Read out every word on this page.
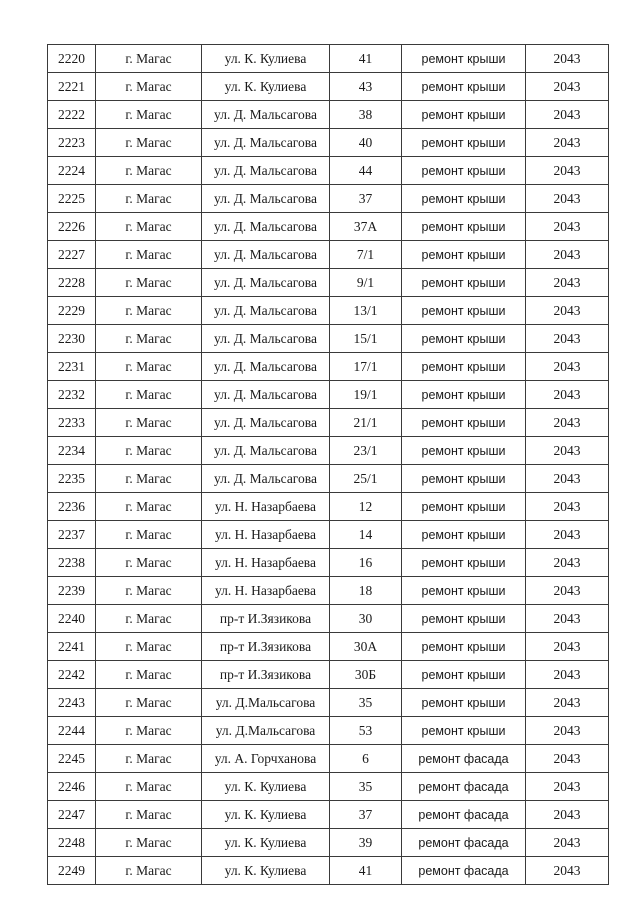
2220	г. Магас	ул. К. Кулиева	41	ремонт крыши	2043
2221	г. Магас	ул. К. Кулиева	43	ремонт крыши	2043
2222	г. Магас	ул. Д. Мальсагова	38	ремонт крыши	2043
2223	г. Магас	ул. Д. Мальсагова	40	ремонт крыши	2043
2224	г. Магас	ул. Д. Мальсагова	44	ремонт крыши	2043
2225	г. Магас	ул. Д. Мальсагова	37	ремонт крыши	2043
2226	г. Магас	ул. Д. Мальсагова	37А	ремонт крыши	2043
2227	г. Магас	ул. Д. Мальсагова	7/1	ремонт крыши	2043
2228	г. Магас	ул. Д. Мальсагова	9/1	ремонт крыши	2043
2229	г. Магас	ул. Д. Мальсагова	13/1	ремонт крыши	2043
2230	г. Магас	ул. Д. Мальсагова	15/1	ремонт крыши	2043
2231	г. Магас	ул. Д. Мальсагова	17/1	ремонт крыши	2043
2232	г. Магас	ул. Д. Мальсагова	19/1	ремонт крыши	2043
2233	г. Магас	ул. Д. Мальсагова	21/1	ремонт крыши	2043
2234	г. Магас	ул. Д. Мальсагова	23/1	ремонт крыши	2043
2235	г. Магас	ул. Д. Мальсагова	25/1	ремонт крыши	2043
2236	г. Магас	ул. Н. Назарбаева	12	ремонт крыши	2043
2237	г. Магас	ул. Н. Назарбаева	14	ремонт крыши	2043
2238	г. Магас	ул. Н. Назарбаева	16	ремонт крыши	2043
2239	г. Магас	ул. Н. Назарбаева	18	ремонт крыши	2043
2240	г. Магас	пр-т И.Зязикова	30	ремонт крыши	2043
2241	г. Магас	пр-т И.Зязикова	30А	ремонт крыши	2043
2242	г. Магас	пр-т И.Зязикова	30Б	ремонт крыши	2043
2243	г. Магас	ул. Д.Мальсагова	35	ремонт крыши	2043
2244	г. Магас	ул. Д.Мальсагова	53	ремонт крыши	2043
2245	г. Магас	ул. А. Горчханова	6	ремонт фасада	2043
2246	г. Магас	ул. К. Кулиева	35	ремонт фасада	2043
2247	г. Магас	ул. К. Кулиева	37	ремонт фасада	2043
2248	г. Магас	ул. К. Кулиева	39	ремонт фасада	2043
2249	г. Магас	ул. К. Кулиева	41	ремонт фасада	2043
